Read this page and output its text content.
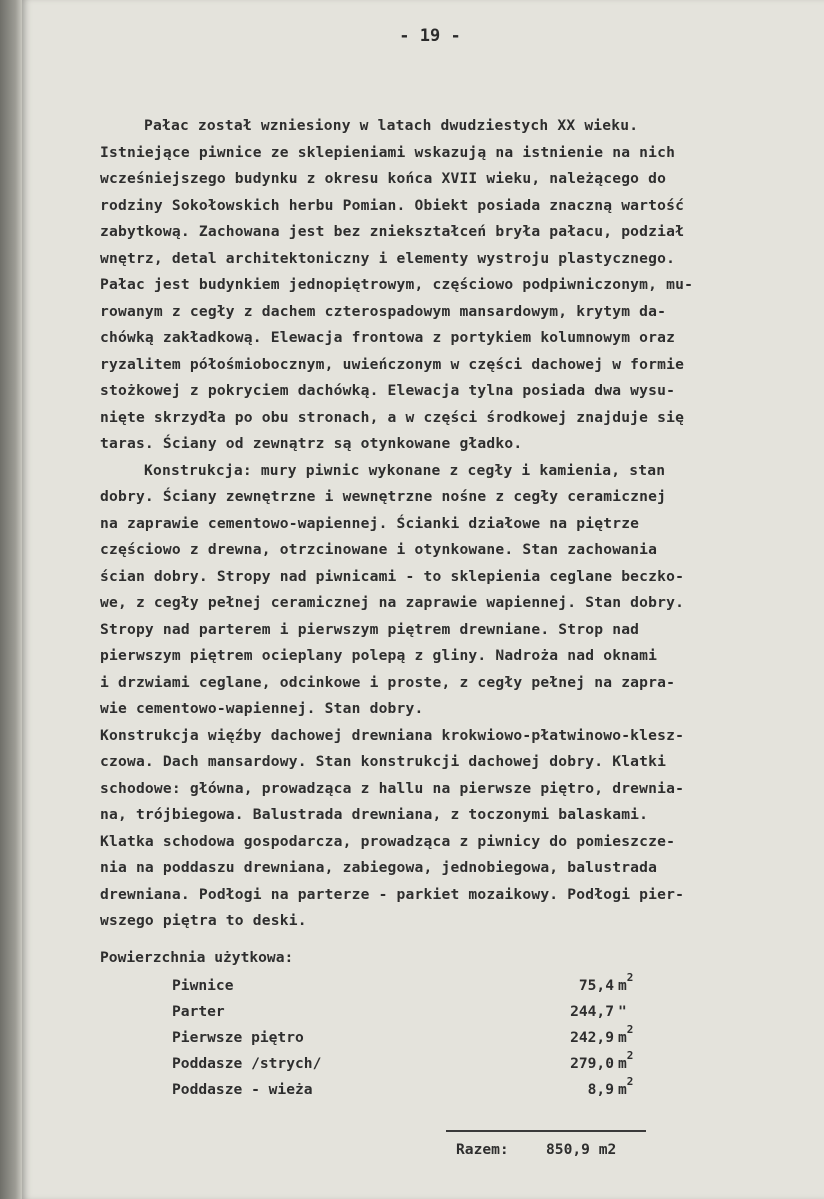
- 19 -
Pałac został wzniesiony w latach dwudziestych XX wieku.
Istniejące piwnice ze sklepieniami wskazują na istnienie na nich
wcześniejszego budynku z okresu końca XVII wieku, należącego do
rodziny Sokołowskich herbu Pomian. Obiekt posiada znaczną wartość
zabytkową. Zachowana jest bez zniekształceń bryła pałacu, podział
wnętrz, detal architektoniczny i elementy wystroju plastycznego.
Pałac jest budynkiem jednopiętrowym, częściowo podpiwniczonym, mu-
rowanym z cegły z dachem czterospadowym mansardowym, krytym da-
chówką zakładkową. Elewacja frontowa z portykiem kolumnowym oraz
ryzalitem półośmiobocznym, uwieńczonym w części dachowej w formie
stożkowej z pokryciem dachówką. Elewacja tylna posiada dwa wysu-
nięte skrzydła po obu stronach, a w części środkowej znajduje się
taras. Ściany od zewnątrz są otynkowane gładko.
Konstrukcja: mury piwnic wykonane z cegły i kamienia, stan
dobry. Ściany zewnętrzne i wewnętrzne nośne z cegły ceramicznej
na zaprawie cementowo-wapiennej. Ścianki działowe na piętrze
częściowo z drewna, otrzcinowane i otynkowane. Stan zachowania
ścian dobry. Stropy nad piwnicami - to sklepienia ceglane beczko-
we, z cegły pełnej ceramicznej na zaprawie wapiennej. Stan dobry.
Stropy nad parterem i pierwszym piętrem drewniane. Strop nad
pierwszym piętrem ocieplany polepą z gliny. Nadroża nad oknami
i drzwiami ceglane, odcinkowe i proste, z cegły pełnej na zapra-
wie cementowo-wapiennej. Stan dobry.
Konstrukcja więźby dachowej drewniana krokwiowo-płatwinowo-klesz-
czowa. Dach mansardowy. Stan konstrukcji dachowej dobry. Klatki
schodowe: główna, prowadząca z hallu na pierwsze piętro, drewnia-
na, trójbiegowa. Balustrada drewniana, z toczonymi balaskami.
Klatka schodowa gospodarcza, prowadząca z piwnicy do pomieszcze-
nia na poddaszu drewniana, zabiegowa, jednobiegowa, balustrada
drewniana. Podłogi na parterze - parkiet mozaikowy. Podłogi pier-
wszego piętra to deski.
Powierzchnia użytkowa:
Piwnice	75,4 $m^2$
Parter	244,7 "
Pierwsze piętro	242,9 $m^2$
Poddasze /strych/	279,0 $m^2$
Poddasze - wieża	8,9 $m^2$
Razem:	850,9 m2
